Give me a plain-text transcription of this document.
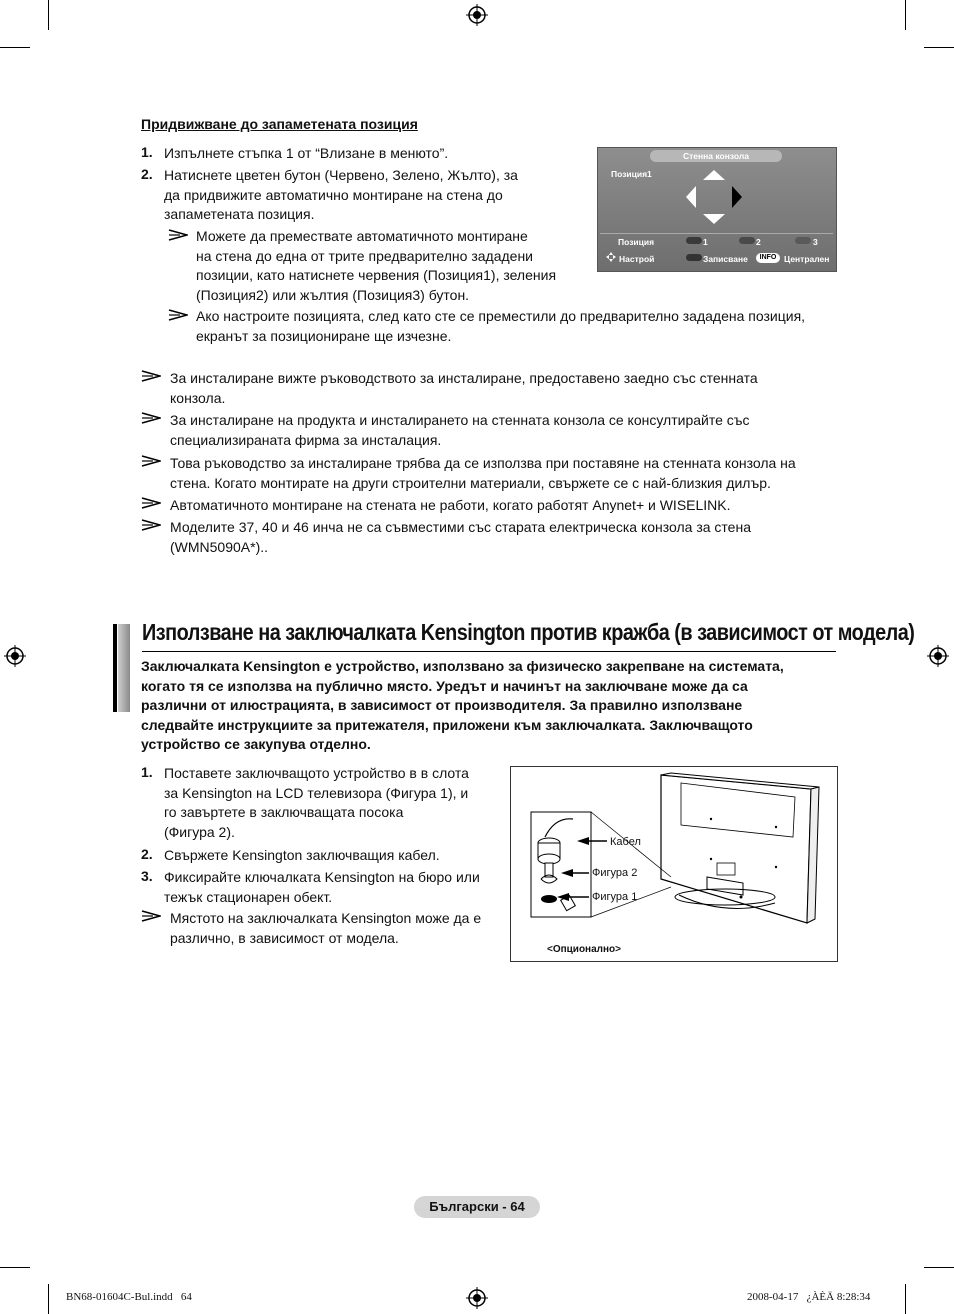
Придвижване до запаметената позиция
1. Изпълнете стъпка 1 от “Влизане в менюто”.
2. Натиснете цветен бутон (Червено, Зелено, Жълто), за
да придвижите автоматично монтиране на стена до
запаметената позиция.
Можете да премествате автоматичното монтиране
на стена до една от трите предварително зададени
позиции, като натиснете червения (Позиция1), зеления
(Позиция2) или жълтия (Позиция3) бутон.
Ако настроите позицията, след като сте се преместили до предварително зададена позиция,
екранът за позициониране ще изчезне.
Стенна конзола
Позиция1
Позиция	1	2	3
Настрой	Записване	INFO Централен
За инсталиране вижте ръководството за инсталиране, предоставено заедно със стенната
конзола.
За инсталиране на продукта и инсталирането на стенната конзола се консултирайте със
специализираната фирма за инсталация.
Това ръководство за инсталиране трябва да се използва при поставяне на стенната конзола на
стена. Когато монтирате на други строителни материали, свържете се с най-близкия дилър.
Автоматичното монтиране на стената не работи, когато работят Anynet+ и WISELINK.
Моделите 37, 40 и 46 инча не са съвместими със старата електрическа конзола за стена
(WMN5090A*)..
Използване на заключалката Kensington против кражба (в зависимост от модела)
Заключалката Kensington е устройство, използвано за физическо закрепване на системата,
когато тя се използва на публично място. Уредът и начинът на заключване може да са
различни от илюстрацията, в зависимост от производителя. За правилно използване
следвайте инструкциите за притежателя, приложени към заключалката. Заключващото
устройство се закупува отделно.
1. Поставете заключващото устройство в в слота
за Kensington на LCD телевизора (Фигура 1), и
го завъртете в заключващата посока
(Фигура 2).
2. Свържете Kensington заключващия кабел.
3. Фиксирайте ключалката Kensington на бюро или
тежък стационарен обект.
Мястото на заключалката Kensington може да е
различно, в зависимост от модела.
Кабел
Фигура 2
Фигура 1
<Опционално>
Български - 64
BN68-01604C-Bul.indd   64	2008-04-17   ¿ÀÈÄ 8:28:34
